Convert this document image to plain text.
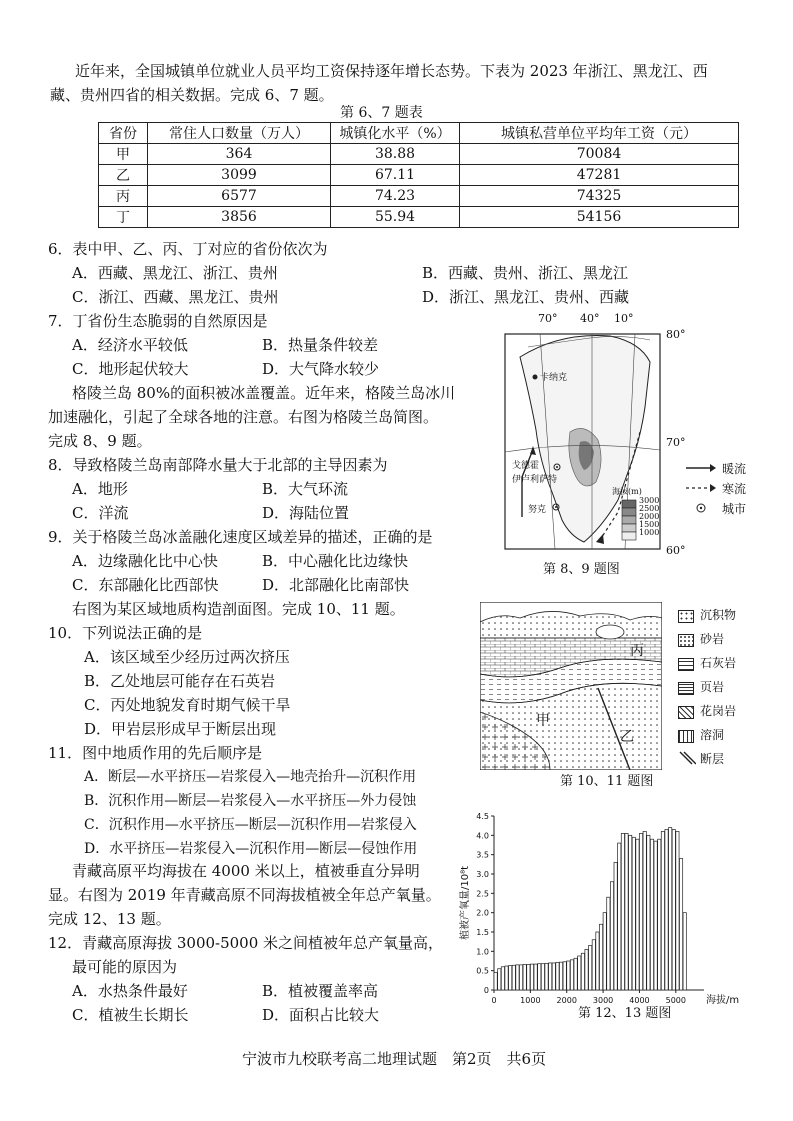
近年来，全国城镇单位就业人员平均工资保持逐年增长态势。下表为 2023 年浙江、黑龙江、西
藏、贵州四省的相关数据。完成 6、7 题。
第 6、7 题表
省份	常住人口数量（万人）	城镇化水平（%）	城镇私营单位平均年工资（元）
甲	364	38.88	70084
乙	3099	67.11	47281
丙	6577	74.23	74325
丁	3856	55.94	54156
6．表中甲、乙、丙、丁对应的省份依次为
A．西藏、黑龙江、浙江、贵州	B．西藏、贵州、浙江、黑龙江
C．浙江、西藏、黑龙江、贵州	D．浙江、黑龙江、贵州、西藏
7．丁省份生态脆弱的自然原因是
A．经济水平较低	B．热量条件较差
C．地形起伏较大	D．大气降水较少
格陵兰岛 80%的面积被冰盖覆盖。近年来，格陵兰岛冰川
加速融化，引起了全球各地的注意。右图为格陵兰岛简图。
完成 8、9 题。
8．导致格陵兰岛南部降水量大于北部的主导因素为
A．地形	B．大气环流
C．洋流	D．海陆位置
9．关于格陵兰岛冰盖融化速度区域差异的描述，正确的是
A．边缘融化比中心快	B．中心融化比边缘快
C．东部融化比西部快	D．北部融化比南部快
70° 40° 10°
80°
70°
60°
卡纳克
戈德霍
伊卢利萨特
努克
海拔(m)
3000
2500
2000
1500
1000
暖流
寒流
城市
第 8、9 题图
右图为某区域地质构造剖面图。完成 10、11 题。
10．下列说法正确的是
A．该区域至少经历过两次挤压
B．乙处地层可能存在石英岩
C．丙处地貌发育时期气候干旱
D．甲岩层形成早于断层出现
11．图中地质作用的先后顺序是
A．断层—水平挤压—岩浆侵入—地壳抬升—沉积作用
B．沉积作用—断层—岩浆侵入—水平挤压—外力侵蚀
C．沉积作用—水平挤压—断层—沉积作用—岩浆侵入
D．水平挤压—岩浆侵入—沉积作用—断层—侵蚀作用
甲
乙
丙
沉积物
砂岩
石灰岩
页岩
花岗岩
溶洞
断层
第 10、11 题图
青藏高原平均海拔在 4000 米以上，植被垂直分异明
显。右图为 2019 年青藏高原不同海拔植被全年总产氧量。
完成 12、13 题。
12．青藏高原海拔 3000-5000 米之间植被年总产氧量高，
最可能的原因为
A．水热条件最好	B．植被覆盖率高
C．植被生长期长	D．面积占比较大
0
0.5
1.0
1.5
2.0
2.5
3.0
3.5
4.0
4.5
0	1000 2000 3000 4000 5000 海拔/m
植被产氧量/10⁸t
第 12、13 题图
宁波市九校联考高二地理试题　第2页　共6页
